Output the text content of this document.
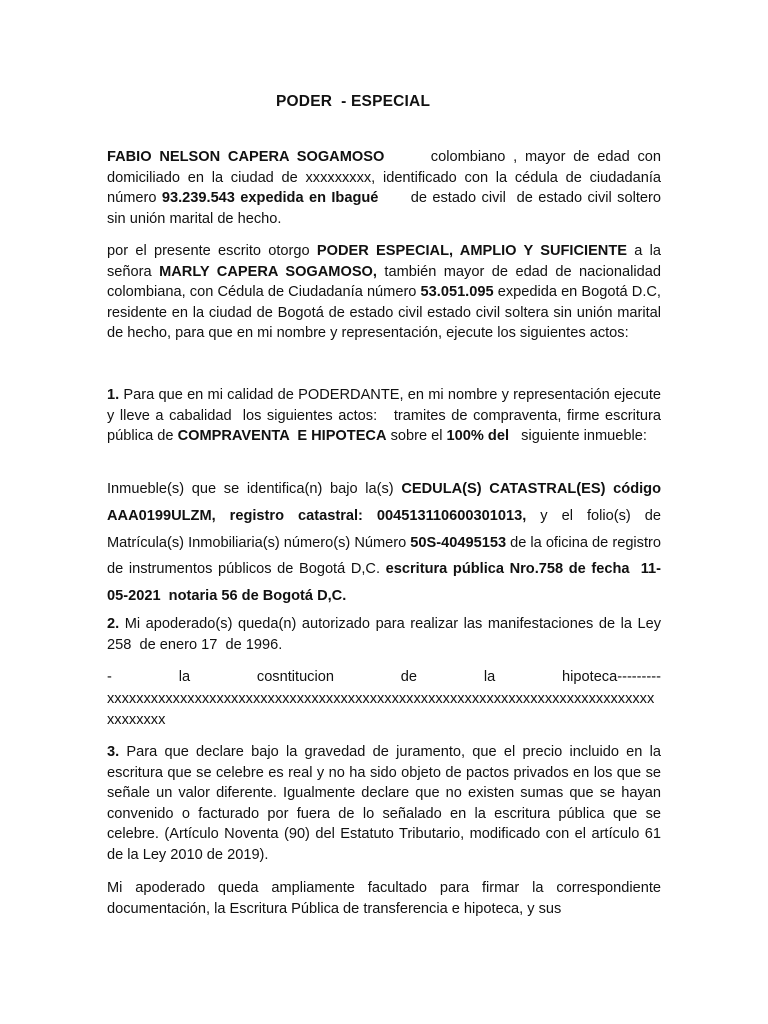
PODER  - ESPECIAL
FABIO NELSON CAPERA SOGAMOSO      colombiano , mayor de edad con domiciliado en la ciudad de xxxxxxxxx, identificado con la cédula de ciudadanía número 93.239.543 expedida en Ibagué      de estado civil  de estado civil soltero sin unión marital de hecho.
por el presente escrito otorgo PODER ESPECIAL, AMPLIO Y SUFICIENTE a la señora MARLY CAPERA SOGAMOSO, también mayor de edad de nacionalidad colombiana, con Cédula de Ciudadanía número 53.051.095 expedida en Bogotá D.C,  residente en la ciudad de Bogotá de estado civil estado civil soltera sin unión marital de hecho, para que en mi nombre y representación, ejecute los siguientes actos:
1. Para que en mi calidad de PODERDANTE, en mi nombre y representación ejecute y lleve a cabalidad  los siguientes actos:   tramites de compraventa, firme escritura pública de COMPRAVENTA  E HIPOTECA sobre el 100% del   siguiente inmueble:
Inmueble(s) que se identifica(n) bajo la(s) CEDULA(S) CATASTRAL(ES) código AAA0199ULZM, registro catastral: 004513110600301013, y el folio(s) de Matrícula(s) Inmobiliaria(s) número(s) Número 50S-40495153 de la oficina de registro de instrumentos públicos de Bogotá D,C. escritura pública Nro.758 de fecha  11-05-2021  notaria 56 de Bogotá D,C.
2. Mi apoderado(s) queda(n) autorizado para realizar las manifestaciones de la Ley 258  de enero 17  de 1996.
-	la	cosntitucion	de	la	hipoteca---------
xxxxxxxxxxxxxxxxxxxxxxxxxxxxxxxxxxxxxxxxxxxxxxxxxxxxxxxxxxxxxxxxxxxxxxxxxxxxxxxxxxx
3. Para que declare bajo la gravedad de juramento, que el precio incluido en la escritura que se celebre es real y no ha sido objeto de pactos privados en los que se señale un valor diferente. Igualmente declare que no existen sumas que se hayan convenido o facturado por fuera de lo señalado en la escritura pública que se celebre. (Artículo Noventa (90) del Estatuto Tributario, modificado con el artículo 61 de la Ley 2010 de 2019).
Mi apoderado queda ampliamente facultado para firmar la correspondiente documentación, la Escritura Pública de transferencia e hipoteca, y sus
